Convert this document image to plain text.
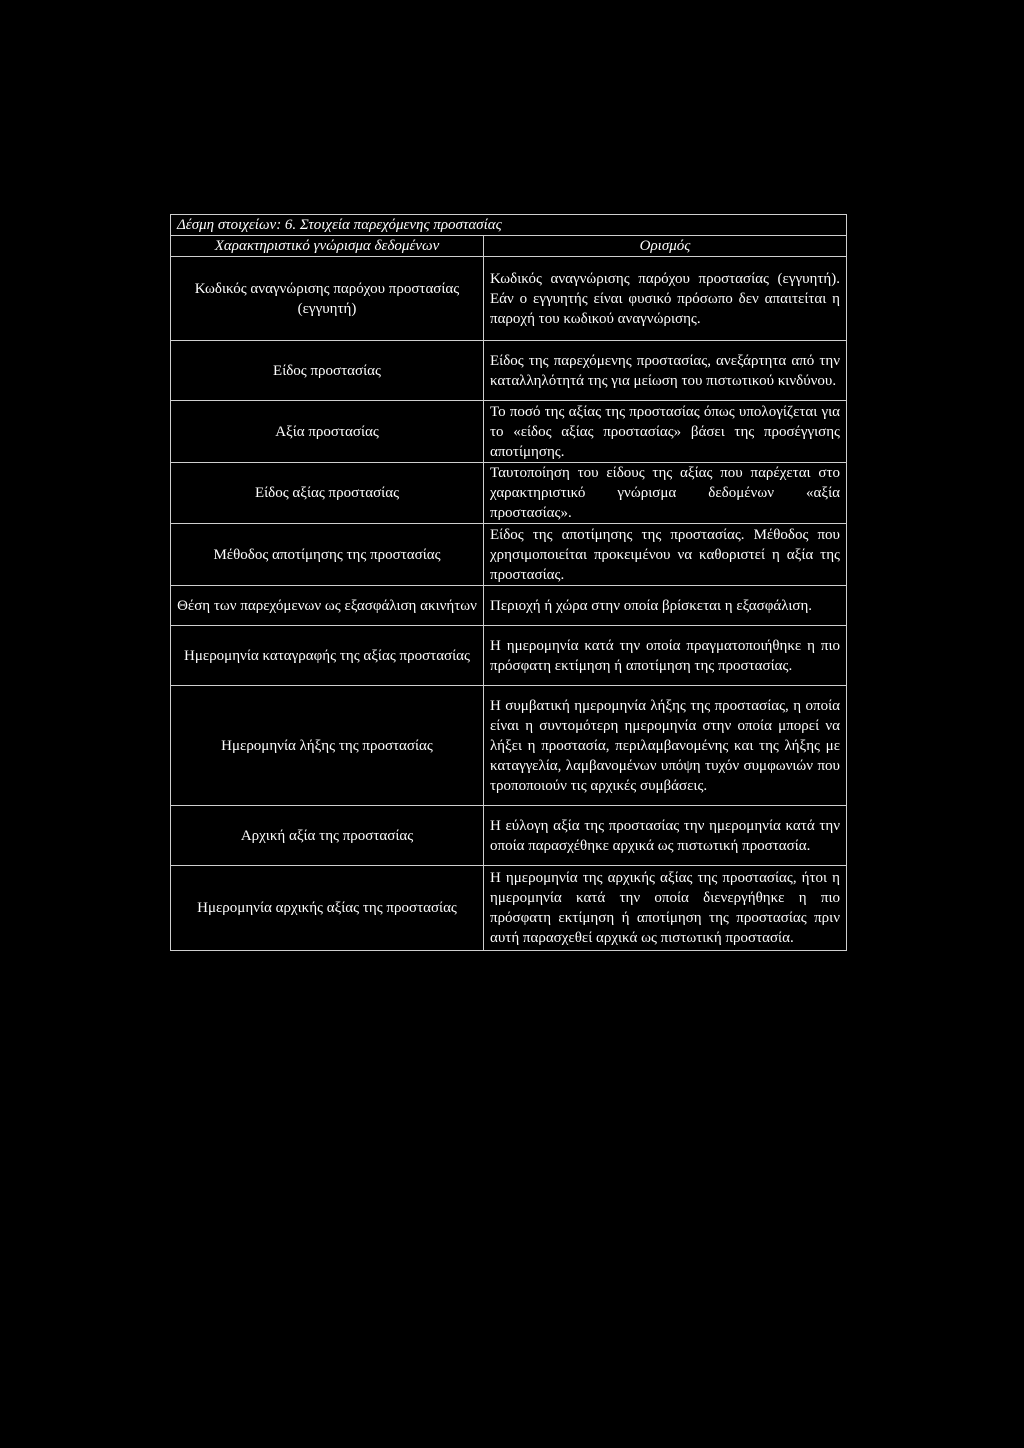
Δέσμη στοιχείων: 6. Στοιχεία παρεχόμενης προστασίας	
Χαρακτηριστικό γνώρισμα δεδομένων	Ορισμός
Κωδικός αναγνώρισης παρόχου προστασίας (εγγυητή)	Κωδικός αναγνώρισης παρόχου προστασίας (εγγυητή). Εάν ο εγγυητής είναι φυσικό πρόσωπο δεν απαιτείται η παροχή του κωδικού αναγνώρισης.
Είδος προστασίας	Είδος της παρεχόμενης προστασίας, ανεξάρτητα από την καταλληλότητά της για μείωση του πιστωτικού κινδύνου.
Αξία προστασίας	Το ποσό της αξίας της προστασίας όπως υπολογίζεται για το «είδος αξίας προστασίας» βάσει της προσέγγισης αποτίμησης.
Είδος αξίας προστασίας	Ταυτοποίηση του είδους της αξίας που παρέχεται στο χαρακτηριστικό γνώρισμα δεδομένων «αξία προστασίας».
Μέθοδος αποτίμησης της προστασίας	Είδος της αποτίμησης της προστασίας. Μέθοδος που χρησιμοποιείται προκειμένου να καθοριστεί η αξία της προστασίας.
Θέση των παρεχόμενων ως εξασφάλιση ακινήτων	Περιοχή ή χώρα στην οποία βρίσκεται η εξασφάλιση.
Ημερομηνία καταγραφής της αξίας προστασίας	Η ημερομηνία κατά την οποία πραγματοποιήθηκε η πιο πρόσφατη εκτίμηση ή αποτίμηση της προστασίας.
Ημερομηνία λήξης της προστασίας	Η συμβατική ημερομηνία λήξης της προστασίας, η οποία είναι η συντομότερη ημερομηνία στην οποία μπορεί να λήξει η προστασία, περιλαμβανομένης και της λήξης με καταγγελία, λαμβανομένων υπόψη τυχόν συμφωνιών που τροποποιούν τις αρχικές συμβάσεις.
Αρχική αξία της προστασίας	Η εύλογη αξία της προστασίας την ημερομηνία κατά την οποία παρασχέθηκε αρχικά ως πιστωτική προστασία.
Ημερομηνία αρχικής αξίας της προστασίας	Η ημερομηνία της αρχικής αξίας της προστασίας, ήτοι η ημερομηνία κατά την οποία διενεργήθηκε η πιο πρόσφατη εκτίμηση ή αποτίμηση της προστασίας πριν αυτή παρασχεθεί αρχικά ως πιστωτική προστασία.
